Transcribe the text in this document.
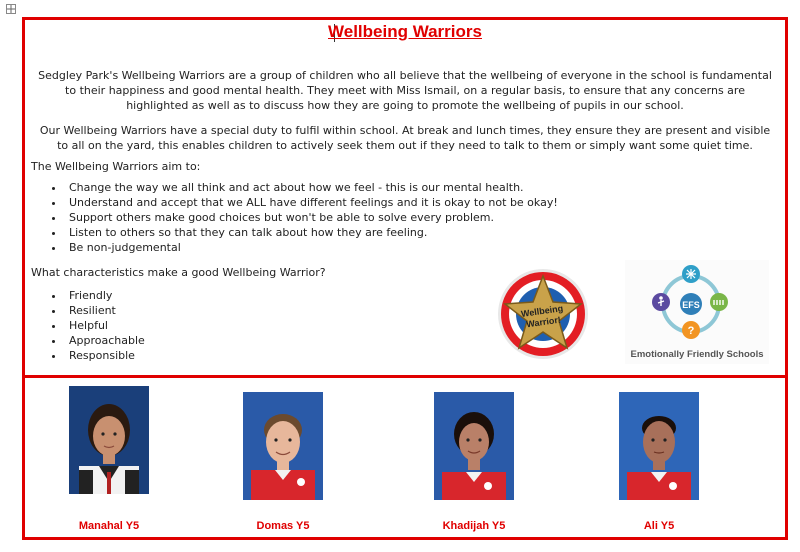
Wellbeing Warriors
Sedgley Park's Wellbeing Warriors are a group of children who all believe that the wellbeing of everyone in the school is fundamental to their happiness and good mental health. They meet with Miss Ismail, on a regular basis, to ensure that any concerns are highlighted as well as to discuss how they are going to promote the wellbeing of pupils in our school.
Our Wellbeing Warriors have a special duty to fulfil within school. At break and lunch times, they ensure they are present and visible to all on the yard, this enables children to actively seek them out if they need to talk to them or simply want some quiet time.
The Wellbeing Warriors aim to:
• Change the way we all think and act about how we feel - this is our mental health.
• Understand and accept that we ALL have different feelings and it is okay to not be okay!
• Support others make good choices but won't be able to solve every problem.
• Listen to others so that they can talk about how they are feeling.
• Be non-judgemental
What characteristics make a good Wellbeing Warrior?
• Friendly
• Resilient
• Helpful
• Approachable
• Responsible
Wellbeing
Warrior!
EFS
?
Emotionally Friendly Schools
Manahal Y5	Domas Y5	Khadijah Y5	Ali Y5
